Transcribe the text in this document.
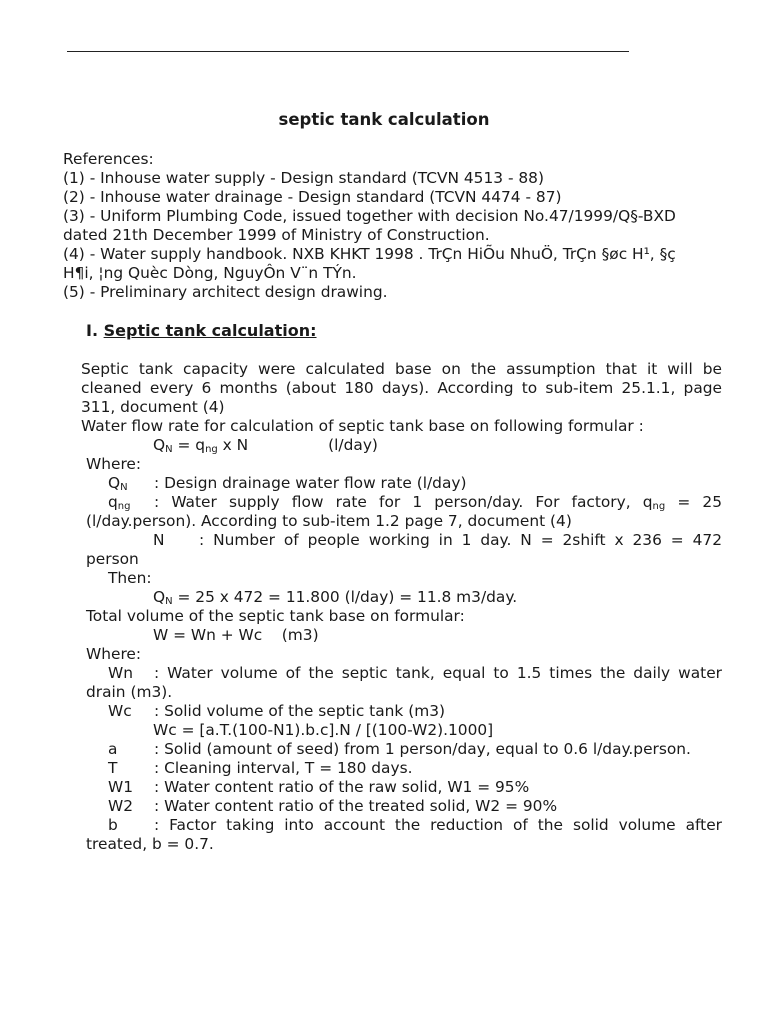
septic tank calculation
References:
(1) - Inhouse water supply - Design standard (TCVN 4513 - 88)
(2) - Inhouse water drainage - Design standard (TCVN 4474 - 87)
(3) - Uniform Plumbing Code, issued together with decision No.47/1999/Q§-BXD
dated 21th December 1999 of Ministry of Construction.
(4) - Water supply handbook. NXB KHKT 1998 . TrÇn HiÕu NhuÖ, TrÇn §øc H¹, §ç
H¶i, ¦ng Quèc Dòng, NguyÔn V¨n TÝn.
(5) - Preliminary architect design drawing.
I. Septic tank calculation:
Septic tank capacity were calculated base on the assumption that it will be cleaned every 6 months (about 180 days). According to sub-item 25.1.1, page 311, document (4)
Water flow rate for calculation of septic tank base on following formular :
$Q_N = q_{ng}$ x N	(l/day)
Where:
$Q_N$ : Design drainage water flow rate (l/day)
$q_{ng}$ : Water supply flow rate for 1 person/day. For factory, $q_{ng} = 25$ (l/day.person). According to sub-item 1.2 page 7, document (4)
N : Number of people working in 1 day. N = 2shift x 236 = 472 person
Then:
$Q_N = 25$ x 472 = 11.800 (l/day) = 11.8 m3/day.
Total volume of the septic tank base on formular:
W = Wn + Wc    (m3)
Where:
Wn : Water volume of the septic tank, equal to 1.5 times the daily water drain (m3).
Wc : Solid volume of the septic tank (m3)
Wc = [a.T.(100-N1).b.c].N / [(100-W2).1000]
a : Solid (amount of seed) from 1 person/day, equal to 0.6 l/day.person.
T : Cleaning interval, T = 180 days.
W1 : Water content ratio of the raw solid, W1 = 95%
W2 : Water content ratio of the treated solid, W2 = 90%
b : Factor taking into account the reduction of the solid volume after treated, b = 0.7.
